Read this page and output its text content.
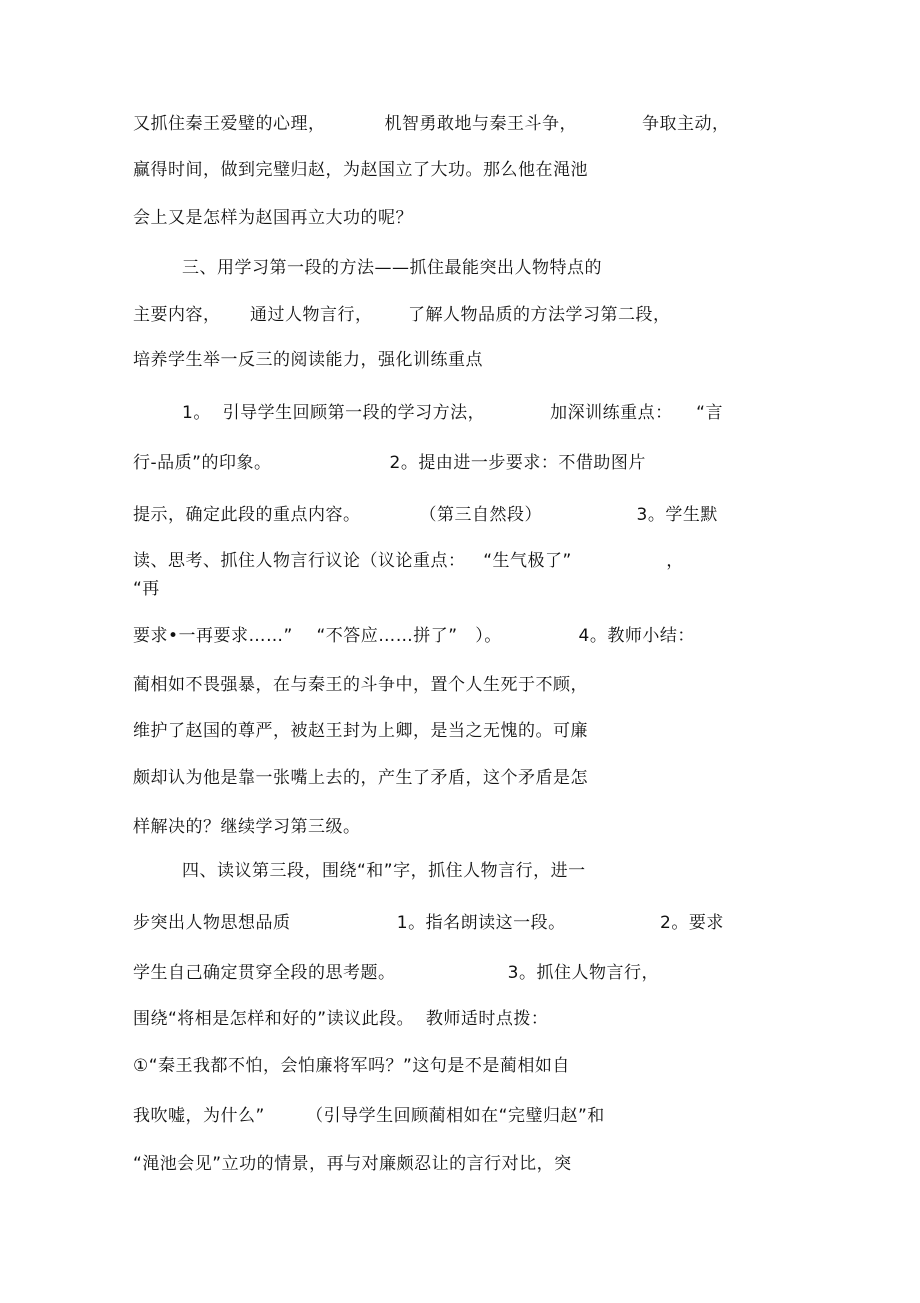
又抓住秦王爱璧的心理，          机智勇敢地与秦王斗争，           争取主动，

赢得时间，做到完璧归赵，为赵国立了大功。那么他在渑池

会上又是怎样为赵国再立大功的呢？

三、用学习第一段的方法——抓住最能突出人物特点的

主要内容，     通过人物言行，      了解人物品质的方法学习第二段，

培养学生举一反三的阅读能力，强化训练重点

1。  引导学生回顾第一段的学习方法，           加深训练重点：    “言

行-品质”的印象。                    2。提由进一步要求：不借助图片

提示，确定此段的重点内容。          （第三自然段）                3。学生默

读、思考、抓住人物言行议论（议论重点：   “生气极了”                ，
“再

要求•一再要求……”    “不答应……拼了”   ）。             4。教师小结：

蔺相如不畏强暴，在与秦王的斗争中，置个人生死于不顾，

维护了赵国的尊严，被赵王封为上卿，是当之无愧的。可廉

颇却认为他是靠一张嘴上去的，产生了矛盾，这个矛盾是怎

样解决的？继续学习第三级。

四、读议第三段，围绕“和”字，抓住人物言行，进一

步突出人物思想品质                  1。指名朗读这一段。                2。要求

学生自己确定贯穿全段的思考题。                   3。抓住人物言行，

围绕“将相是怎样和好的”读议此段。  教师适时点拨：

①“秦王我都不怕，会怕廉将军吗？”这句是不是蔺相如自

我吹嘘，为什么”       （引导学生回顾蔺相如在“完璧归赵”和

“渑池会见”立功的情景，再与对廉颇忍让的言行对比，突
